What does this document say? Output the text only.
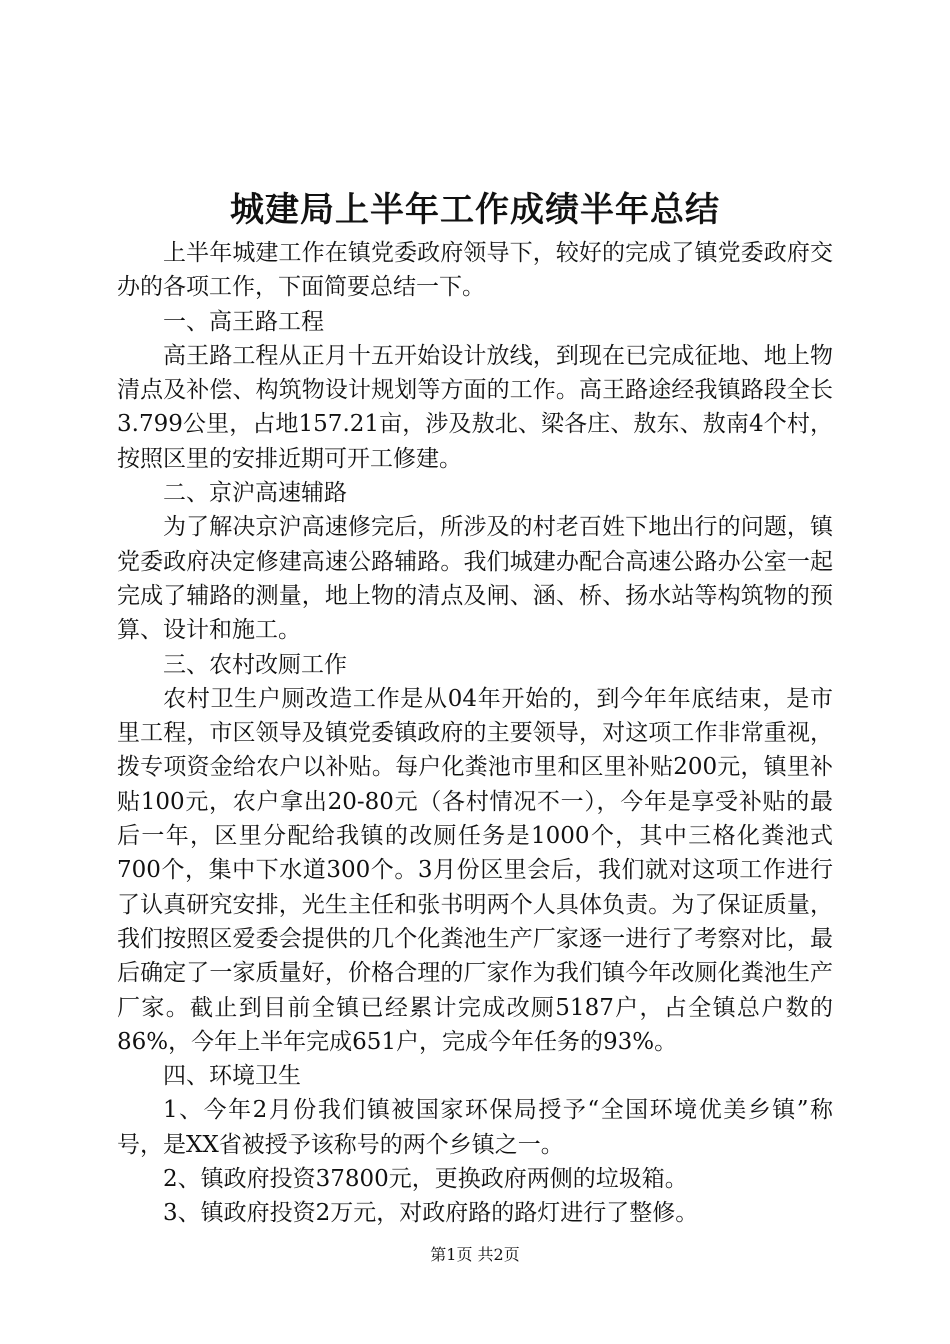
城建局上半年工作成绩半年总结

上半年城建工作在镇党委政府领导下，较好的完成了镇党委政府交办的各项工作，下面简要总结一下。

一、高王路工程

高王路工程从正月十五开始设计放线，到现在已完成征地、地上物清点及补偿、构筑物设计规划等方面的工作。高王路途经我镇路段全长3.799公里，占地157.21亩，涉及敖北、梁各庄、敖东、敖南4个村，按照区里的安排近期可开工修建。

二、京沪高速辅路

为了解决京沪高速修完后，所涉及的村老百姓下地出行的问题，镇党委政府决定修建高速公路辅路。我们城建办配合高速公路办公室一起完成了辅路的测量，地上物的清点及闸、涵、桥、扬水站等构筑物的预算、设计和施工。

三、农村改厕工作

农村卫生户厕改造工作是从04年开始的，到今年年底结束，是市里工程，市区领导及镇党委镇政府的主要领导，对这项工作非常重视，拨专项资金给农户以补贴。每户化粪池市里和区里补贴200元，镇里补贴100元，农户拿出20-80元（各村情况不一），今年是享受补贴的最后一年，区里分配给我镇的改厕任务是1000个，其中三格化粪池式700个，集中下水道300个。3月份区里会后，我们就对这项工作进行了认真研究安排，光生主任和张书明两个人具体负责。为了保证质量，我们按照区爱委会提供的几个化粪池生产厂家逐一进行了考察对比，最后确定了一家质量好，价格合理的厂家作为我们镇今年改厕化粪池生产厂家。截止到目前全镇已经累计完成改厕5187户，占全镇总户数的86%，今年上半年完成651户，完成今年任务的93%。

四、环境卫生

1、今年2月份我们镇被国家环保局授予“全国环境优美乡镇”称号，是XX省被授予该称号的两个乡镇之一。

2、镇政府投资37800元，更换政府两侧的垃圾箱。

3、镇政府投资2万元，对政府路的路灯进行了整修。

第1页 共2页
